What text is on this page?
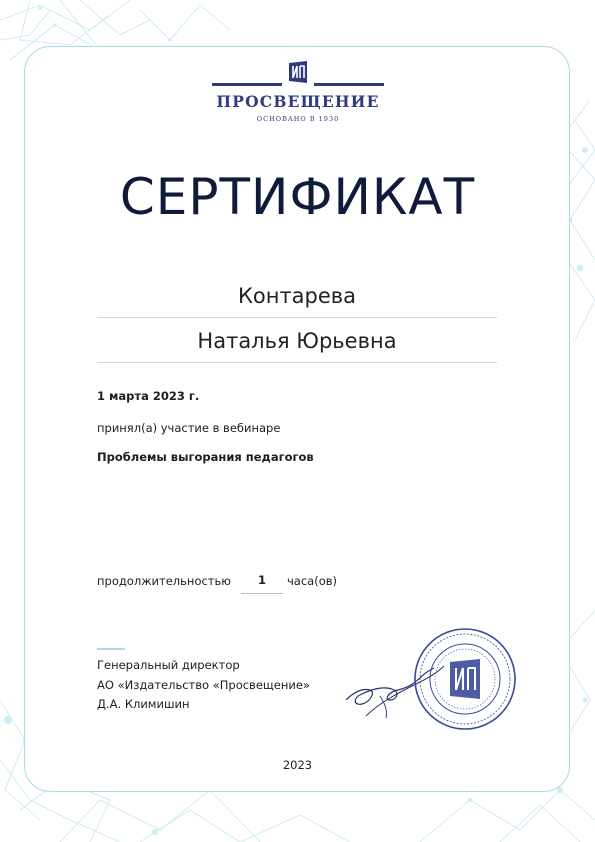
ПРОСВЕЩЕНИЕ
ОСНОВАНО В 1930
СЕРТИФИКАТ
Контарева
Наталья Юрьевна
1 марта 2023 г.
принял(а) участие в вебинаре
Проблемы выгорания педагогов
продолжительностью	1	часа(ов)
Генеральный директор
АО «Издательство «Просвещение»
Д.А. Климишин
2023
